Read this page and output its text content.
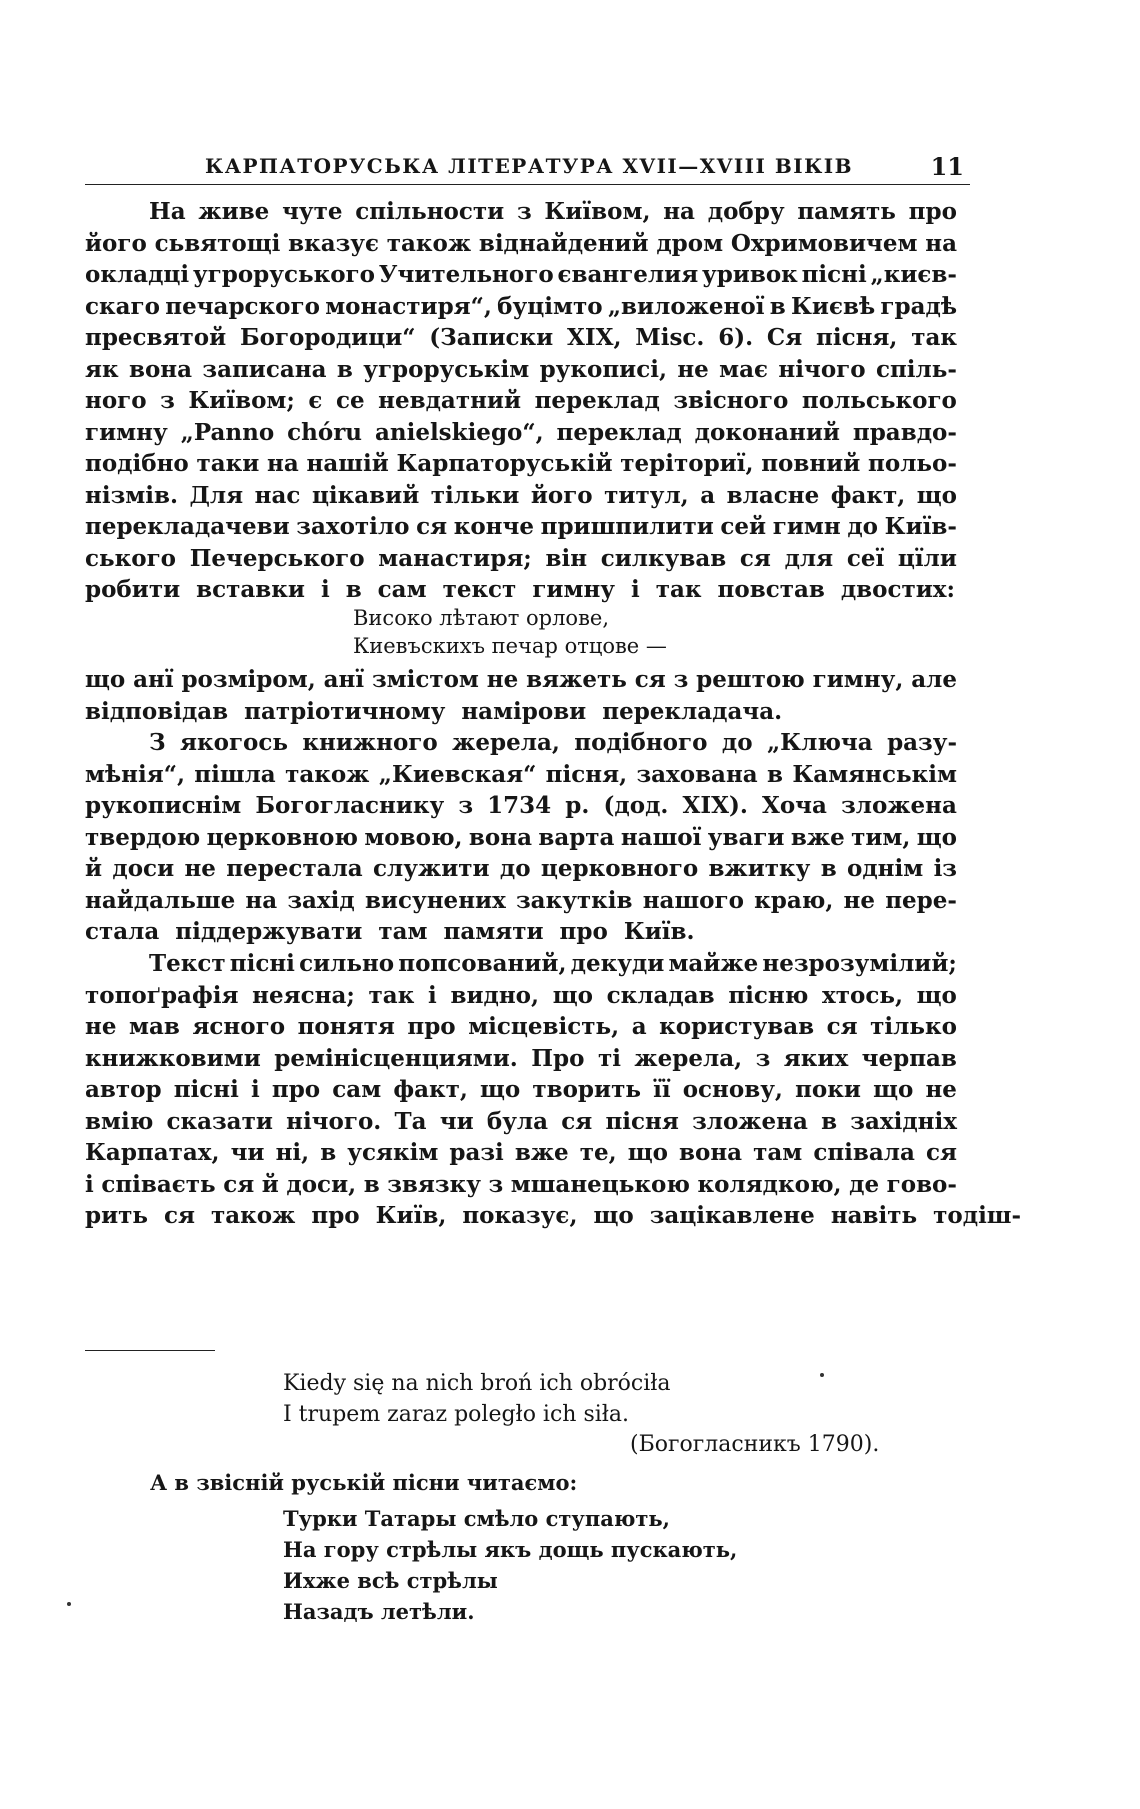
КАРПАТОРУСЬКА ЛІТЕРАТУРА XVII—XVIII ВІКІВ	11
На живе чуте спільности з Київом, на добру память про
його сьвятощі вказує також віднайдений дром Охримовичем на
окладці угроруського Учительного євангелия уривок пісні „києв-
скаго печарского монастиря“, буцімто „виложеної в Києвѣ градѣ
пресвятой Богородици“ (Записки XIX, Misc. 6). Ся пісня, так
як вона записана в угроруськім рукописі, не має нічого спіль-
ного з Київом; є се невдатний переклад звісного польського
гимну „Panno chóru anielskiego“, переклад доконаний правдо-
подібно таки на нашій Карпаторуській теріториї, повний польо-
нізмів. Для нас цікавий тільки його титул, а власне факт, що
перекладачеви захотіло ся конче пришпилити сей гимн до Київ-
ського Печерського манастиря; він силкував ся для сеї цїли
робити вставки і в сам текст гимну і так повстав двостих:
Високо лѣтают орлове,
Киевъскихъ печар отцове —
що анї розміром, анї змістом не вяжеть ся з рештою гимну, але
відповідав патріотичному намірови перекладача.
З якогось книжного жерела, подібного до „Ключа разу-
мѣнія“, пішла також „Киевская“ пісня, захована в Камянськім
рукописнім Богогласнику з 1734 р. (дод. XIX). Хоча зложена
твердою церковною мовою, вона варта нашої уваги вже тим, що
й доси не перестала служити до церковного вжитку в однім із
найдальше на захід висунених закутків нашого краю, не пере-
стала піддержувати там памяти про Київ.
Текст пісні сильно попсований, декуди майже незрозумілий;
топоґрафія неясна; так і видно, що складав пісню хтось, що
не мав ясного понятя про місцевість, а користував ся тілько
книжковими ремінісценциями. Про ті жерела, з яких черпав
автор пісні і про сам факт, що творить її основу, поки що не
вмію сказати нічого. Та чи була ся пісня зложена в західніх
Карпатах, чи ні, в усякім разі вже те, що вона там співала ся
і співаєть ся й доси, в звязку з мшанецькою колядкою, де гово-
рить ся також про Київ, показує, що зацікавлене навіть тодіш-
Kiedy się na nich broń ich obróciła
I trupem zaraz poległo ich siła.
(Богогласникъ 1790).
А в звісній руській пісни читаємо:
Турки Татары смѣло ступають,
На гору стрѣлы якъ дощь пускають,
Ихже всѣ стрѣлы
Назадъ летѣли.
